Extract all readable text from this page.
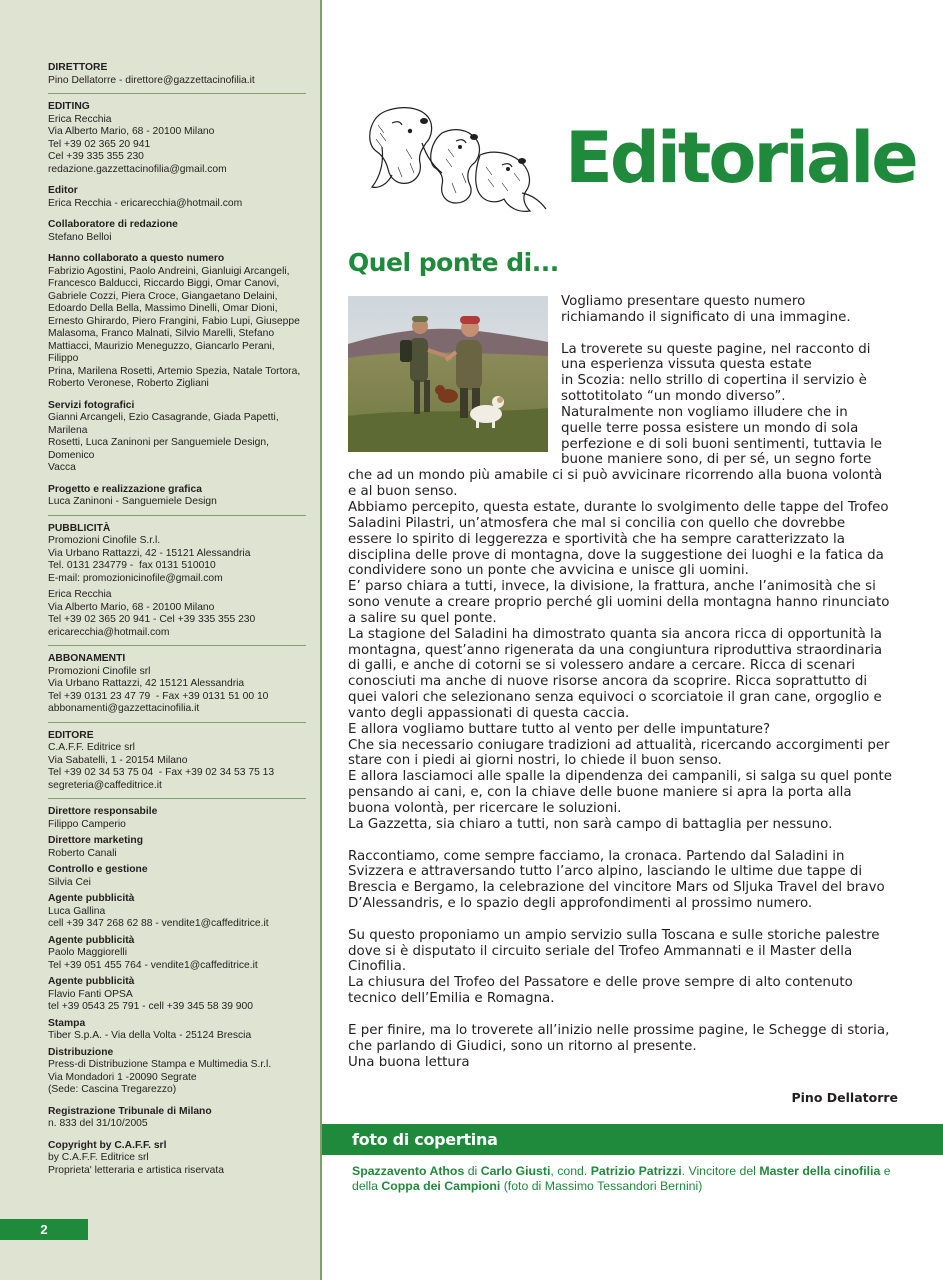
DIRETTORE
Pino Dellatorre - direttore@gazzettacinofilia.it
EDITING
Erica Recchia
Via Alberto Mario, 68 - 20100 Milano
Tel +39 02 365 20 941
Cel +39 335 355 230
redazione.gazzettacinofilia@gmail.com
Editor
Erica Recchia - ericarecchia@hotmail.com
Collaboratore di redazione
Stefano Belloi
Hanno collaborato a questo numero
Fabrizio Agostini, Paolo Andreini, Gianluigi Arcangeli,
Francesco Balducci, Riccardo Biggi, Omar Canovi,
Gabriele Cozzi, Piera Croce, Giangaetano Delaini,
Edoardo Della Bella, Massimo Dinelli, Omar Dioni,
Ernesto Ghirardo, Piero Frangini, Fabio Lupi, Giuseppe
Malasoma, Franco Malnati, Silvio Marelli, Stefano
Mattiacci, Maurizio Meneguzzo, Giancarlo Perani, Filippo
Prina, Marilena Rosetti, Artemio Spezia, Natale Tortora,
Roberto Veronese, Roberto Zigliani
Servizi fotografici
Gianni Arcangeli, Ezio Casagrande, Giada Papetti, Marilena
Rosetti, Luca Zaninoni per Sanguemiele Design, Domenico
Vacca
Progetto e realizzazione grafica
Luca Zaninoni - Sanguemiele Design
PUBBLICITÀ
Promozioni Cinofile S.r.l.
Via Urbano Rattazzi, 42 - 15121 Alessandria
Tel. 0131 234779 -  fax 0131 510010
E-mail: promozionicinofile@gmail.com
Erica Recchia
Via Alberto Mario, 68 - 20100 Milano
Tel +39 02 365 20 941 - Cel +39 335 355 230
ericarecchia@hotmail.com
ABBONAMENTI
Promozioni Cinofile srl
Via Urbano Rattazzi, 42 15121 Alessandria
Tel +39 0131 23 47 79  - Fax +39 0131 51 00 10
abbonamenti@gazzettacinofilia.it
EDITORE
C.A.F.F. Editrice srl
Via Sabatelli, 1 - 20154 Milano
Tel +39 02 34 53 75 04  - Fax +39 02 34 53 75 13
segreteria@caffeditrice.it
Direttore responsabile
Filippo Camperio
Direttore marketing
Roberto Canali
Controllo e gestione
Silvia Cei
Agente pubblicità
Luca Gallina
cell +39 347 268 62 88 - vendite1@caffeditrice.it
Agente pubblicità
Paolo Maggiorelli
Tel +39 051 455 764 - vendite1@caffeditrice.it
Agente pubblicità
Flavio Fanti OPSA
tel +39 0543 25 791 - cell +39 345 58 39 900
Stampa
Tiber S.p.A. - Via della Volta - 25124 Brescia
Distribuzione
Press-di Distribuzione Stampa e Multimedia S.r.l.
Via Mondadori 1 -20090 Segrate
(Sede: Cascina Tregarezzo)
Registrazione Tribunale di Milano
n. 833 del 31/10/2005
Copyright by C.A.F.F. srl
by C.A.F.F. Editrice srl
Proprieta' letteraria e artistica riservata
2
Editoriale
Quel ponte di...

Vogliamo presentare questo numero
richiamando il significato di una immagine.

La troverete su queste pagine, nel racconto di
una esperienza vissuta questa estate
in Scozia: nello strillo di copertina il servizio è
sottotitolato “un mondo diverso”.
Naturalmente non vogliamo illudere che in
quelle terre possa esistere un mondo di sola
perfezione e di soli buoni sentimenti, tuttavia le
buone maniere sono, di per sé, un segno forte
che ad un mondo più amabile ci si può avvicinare ricorrendo alla buona volontà
e al buon senso.
Abbiamo percepito, questa estate, durante lo svolgimento delle tappe del Trofeo
Saladini Pilastri, un’atmosfera che mal si concilia con quello che dovrebbe
essere lo spirito di leggerezza e sportività che ha sempre caratterizzato la
disciplina delle prove di montagna, dove la suggestione dei luoghi e la fatica da
condividere sono un ponte che avvicina e unisce gli uomini.
E’ parso chiara a tutti, invece, la divisione, la frattura, anche l’animosità che si
sono venute a creare proprio perché gli uomini della montagna hanno rinunciato
a salire su quel ponte.
La stagione del Saladini ha dimostrato quanta sia ancora ricca di opportunità la
montagna, quest’anno rigenerata da una congiuntura riproduttiva straordinaria
di galli, e anche di cotorni se si volessero andare a cercare. Ricca di scenari
conosciuti ma anche di nuove risorse ancora da scoprire. Ricca soprattutto di
quei valori che selezionano senza equivoci o scorciatoie il gran cane, orgoglio e
vanto degli appassionati di questa caccia.
E allora vogliamo buttare tutto al vento per delle impuntature?
Che sia necessario coniugare tradizioni ad attualità, ricercando accorgimenti per
stare con i piedi ai giorni nostri, lo chiede il buon senso.
E allora lasciamoci alle spalle la dipendenza dei campanili, si salga su quel ponte
pensando ai cani, e, con la chiave delle buone maniere si apra la porta alla
buona volontà, per ricercare le soluzioni.
La Gazzetta, sia chiaro a tutti, non sarà campo di battaglia per nessuno.

Raccontiamo, come sempre facciamo, la cronaca. Partendo dal Saladini in
Svizzera e attraversando tutto l’arco alpino, lasciando le ultime due tappe di
Brescia e Bergamo, la celebrazione del vincitore Mars od Sljuka Travel del bravo
D’Alessandris, e lo spazio degli approfondimenti al prossimo numero.

Su questo proponiamo un ampio servizio sulla Toscana e sulle storiche palestre
dove si è disputato il circuito seriale del Trofeo Ammannati e il Master della
Cinofilia.
La chiusura del Trofeo del Passatore e delle prove sempre di alto contenuto
tecnico dell’Emilia e Romagna.

E per finire, ma lo troverete all’inizio nelle prossime pagine, le Schegge di storia,
che parlando di Giudici, sono un ritorno al presente.
Una buona lettura

Pino Dellatorre
foto di copertina
Spazzavento Athos di Carlo Giusti, cond. Patrizio Patrizzi. Vincitore del Master della cinofilia e della Coppa dei Campioni (foto di Massimo Tessandori Bernini)
